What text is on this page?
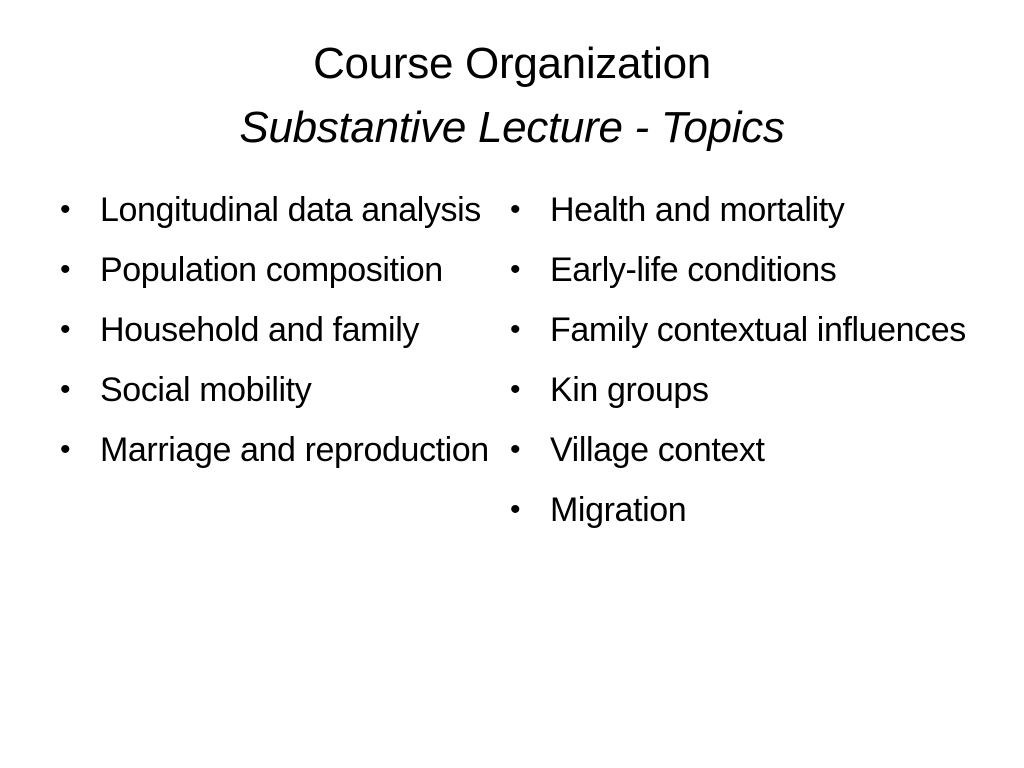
Course Organization
Substantive Lecture - Topics
• Longitudinal data analysis
• Population composition
• Household and family
• Social mobility
• Marriage and reproduction
• Health and mortality
• Early-life conditions
• Family contextual influences
• Kin groups
• Village context
• Migration
